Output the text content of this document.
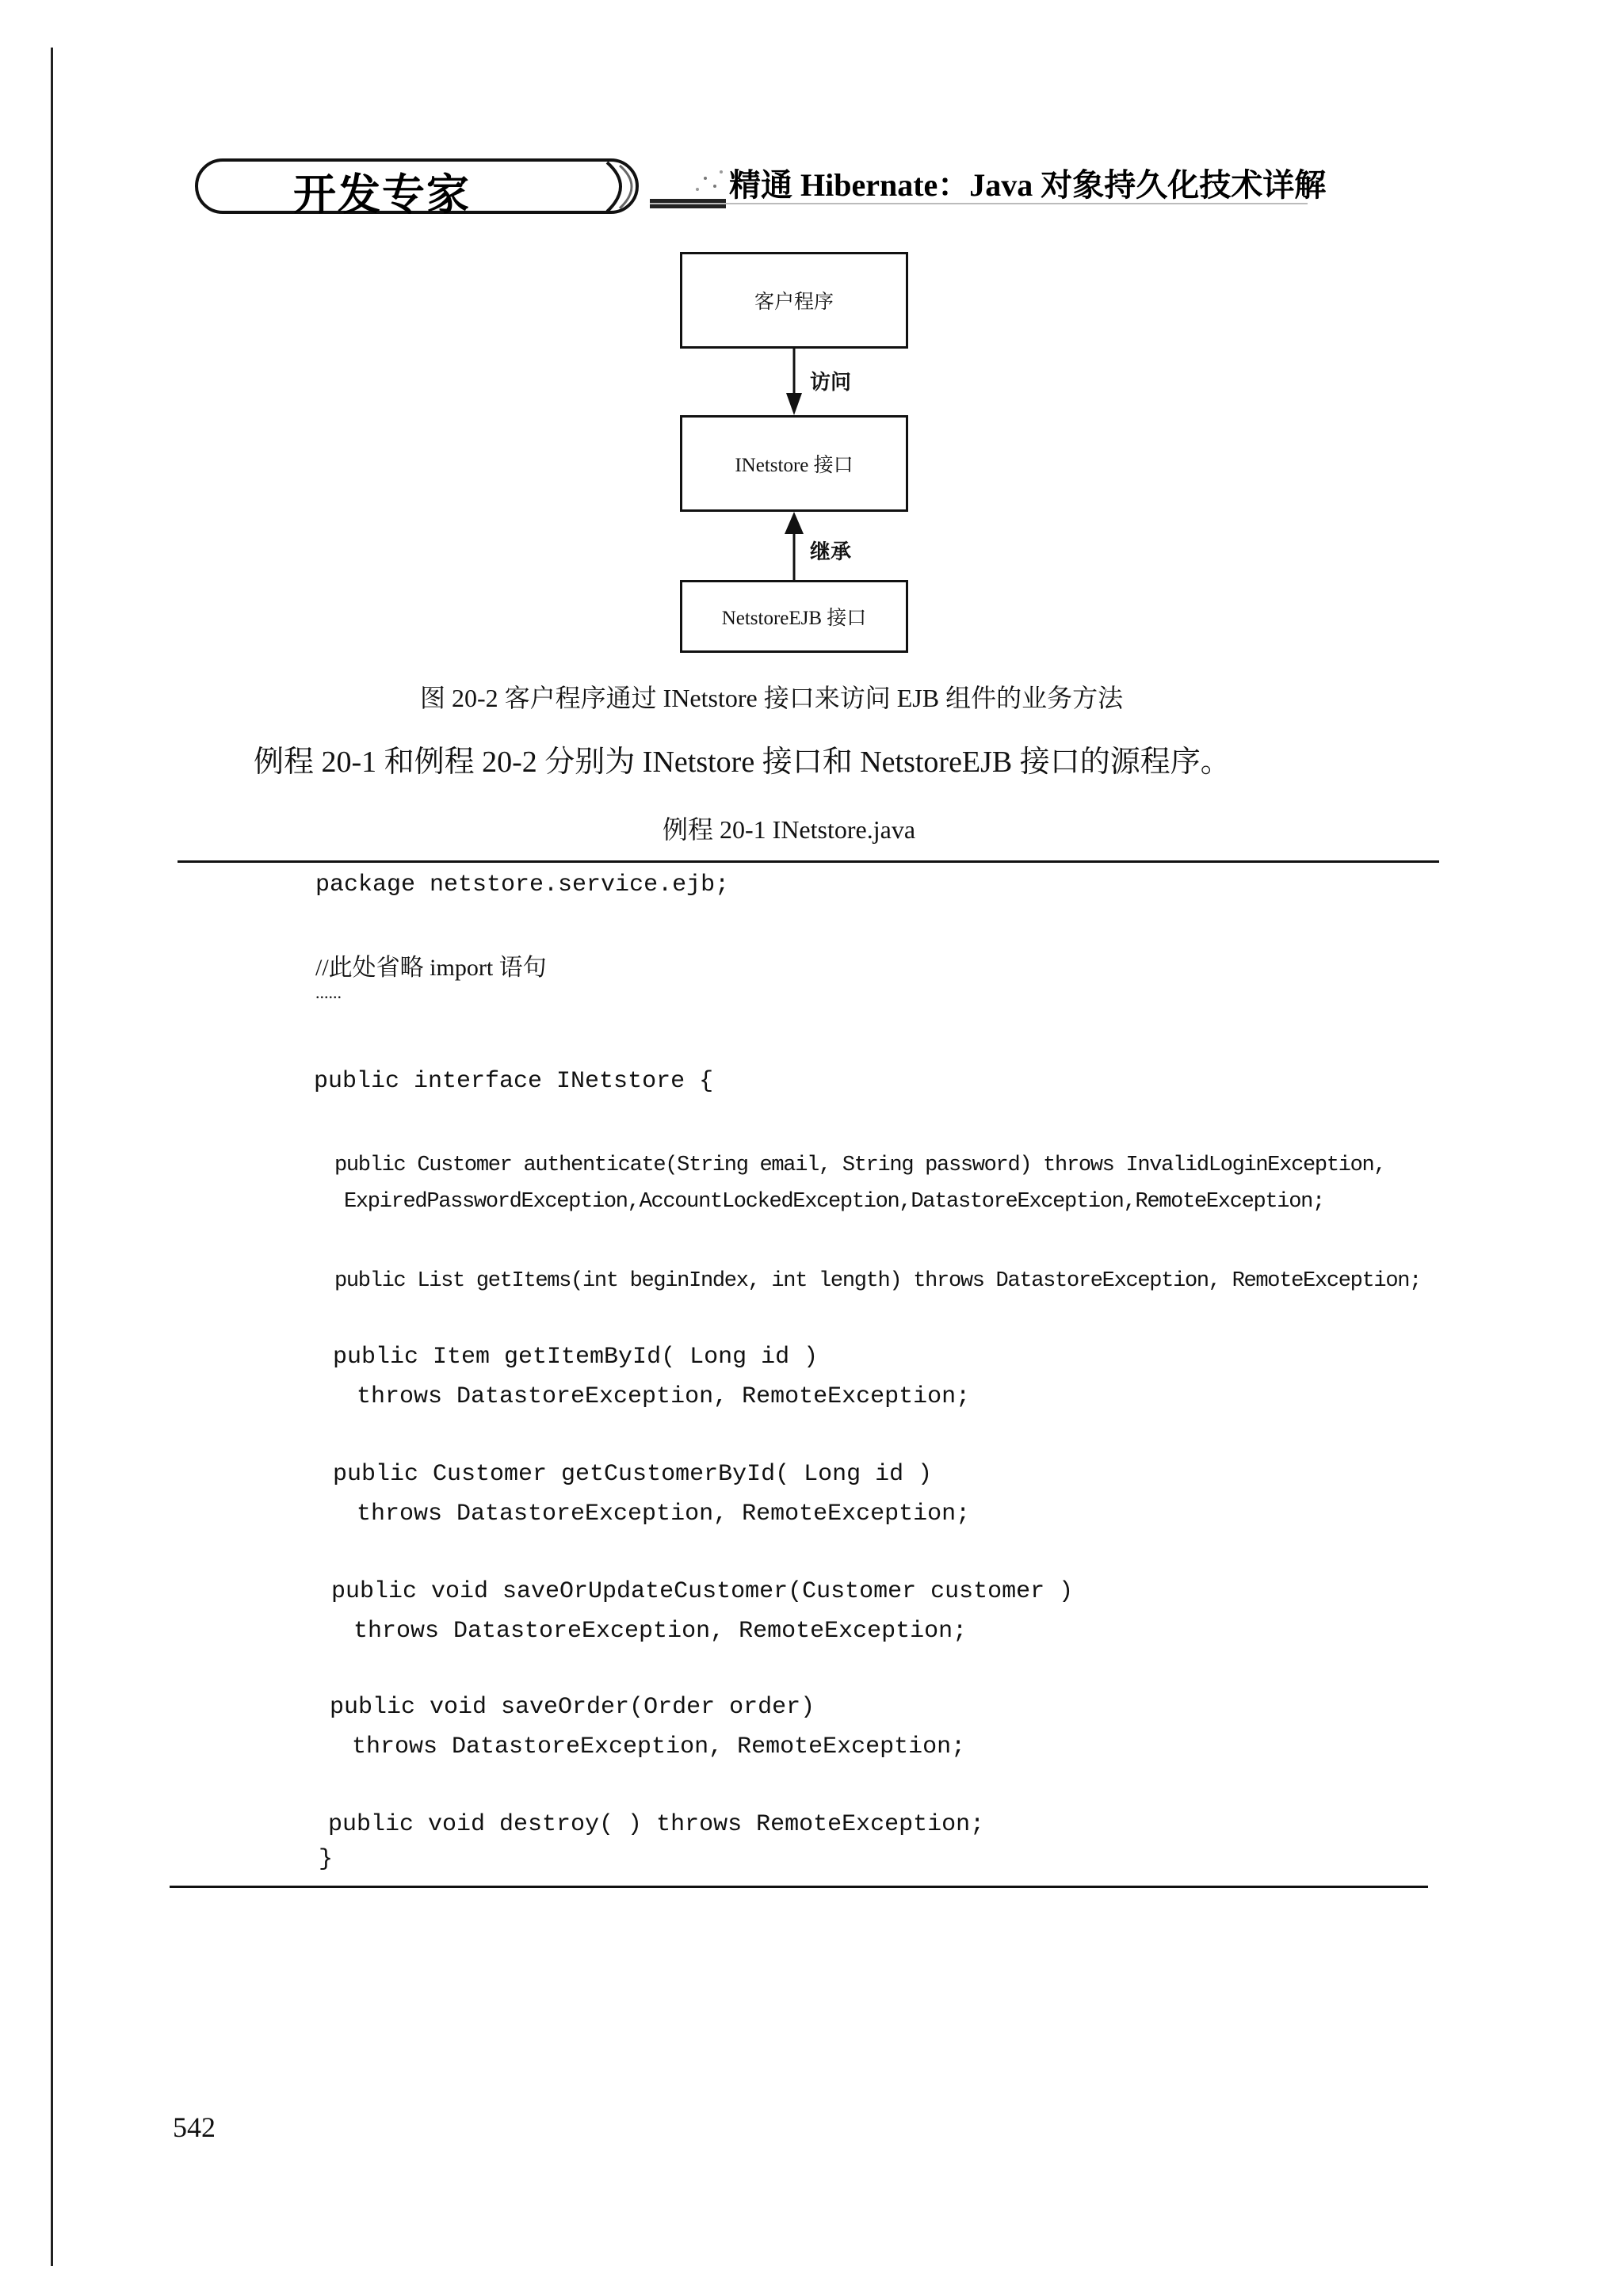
开发专家	精通 Hibernate：Java 对象持久化技术详解
客户程序
访问
INetstore 接口
继承
NetstoreEJB 接口
图 20-2 客户程序通过 INetstore 接口来访问 EJB 组件的业务方法
例程 20-1 和例程 20-2 分别为 INetstore 接口和 NetstoreEJB 接口的源程序。
例程 20-1 INetstore.java
package netstore.service.ejb;
//此处省略 import 语句
......
public interface INetstore {
public Customer authenticate(String email, String password) throws InvalidLoginException,
ExpiredPasswordException,AccountLockedException,DatastoreException,RemoteException;
public List getItems(int beginIndex, int length) throws DatastoreException, RemoteException;
public Item getItemById( Long id )
throws DatastoreException, RemoteException;
public Customer getCustomerById( Long id )
throws DatastoreException, RemoteException;
public void saveOrUpdateCustomer(Customer customer )
throws DatastoreException, RemoteException;
public void saveOrder(Order order)
throws DatastoreException, RemoteException;
public void destroy( ) throws RemoteException;
}
542
